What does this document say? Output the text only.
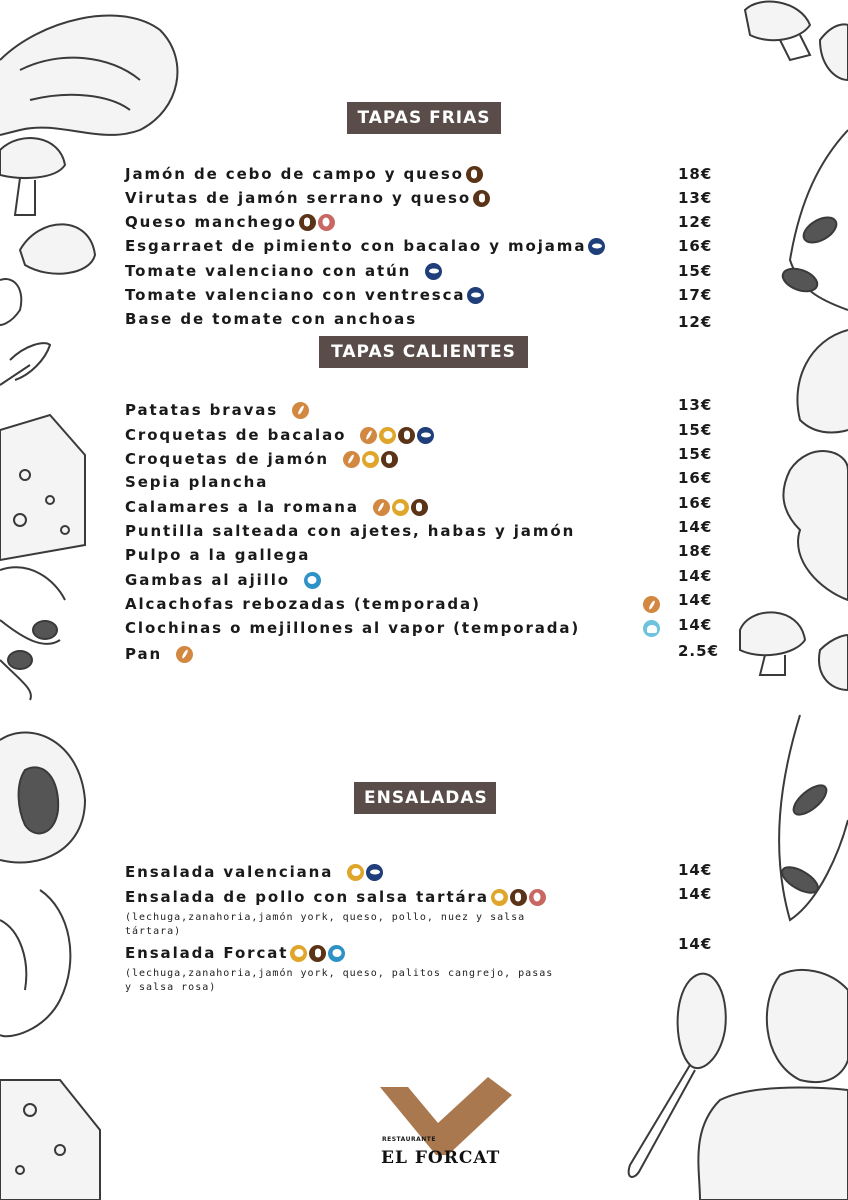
TAPAS FRIAS
Jamón de cebo de campo y queso	18€
Virutas de jamón serrano y queso	13€
Queso manchego	12€
Esgarraet de pimiento con bacalao y mojama	16€
Tomate valenciano con atún	15€
Tomate valenciano con ventresca	17€
Base de tomate con anchoas	12€
TAPAS CALIENTES
Patatas bravas	13€
Croquetas de bacalao	15€
Croquetas de jamón	15€
Sepia plancha	16€
Calamares a la romana	16€
Puntilla salteada con ajetes, habas y jamón	14€
Pulpo a la gallega	18€
Gambas al ajillo	14€
Alcachofas rebozadas (temporada)	14€
Clochinas o mejillones al vapor (temporada)	14€
Pan	2.5€
ENSALADAS
Ensalada valenciana	14€
Ensalada de pollo con salsa tartára	14€
(lechuga,zanahoria,jamón york, queso, pollo, nuez y salsa tártara)
Ensalada Forcat	14€
(lechuga,zanahoria,jamón york, queso, palitos cangrejo, pasas y salsa rosa)
RESTAURANTE
EL FORCAT
